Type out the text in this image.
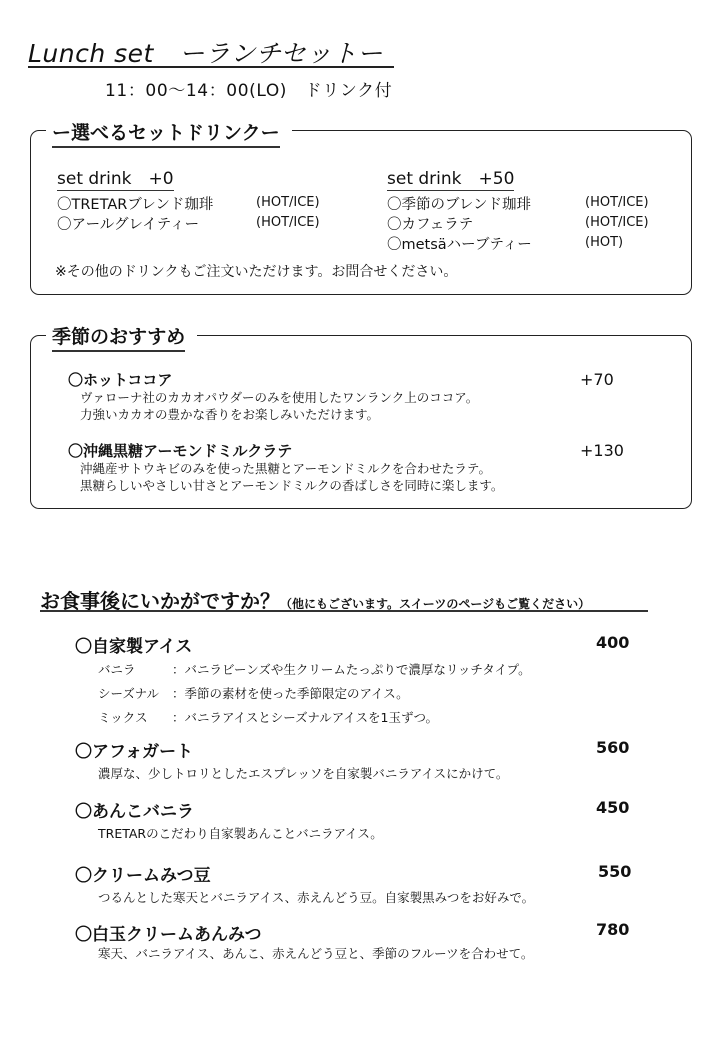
Lunch set　ーランチセットー
11：00～14：00(LO)　ドリンク付
ー選べるセットドリンクー
set drink　+0
〇TRETARブレンド珈琲	(HOT/ICE)
〇アールグレイティー	(HOT/ICE)
set drink　+50
〇季節のブレンド珈琲	(HOT/ICE)
〇カフェラテ	(HOT/ICE)
〇metsäハーブティー	(HOT)
※その他のドリンクもご注文いただけます。お問合せください。
季節のおすすめ
〇ホットココア	+70
ヴァローナ社のカカオパウダーのみを使用したワンランク上のココア。
力強いカカオの豊かな香りをお楽しみいただけます。
〇沖縄黒糖アーモンドミルクラテ	+130
沖縄産サトウキビのみを使った黒糖とアーモンドミルクを合わせたラテ。
黒糖らしいやさしい甘さとアーモンドミルクの香ばしさを同時に楽します。
お食事後にいかがですか？（他にもございます。スイーツのページもご覧ください）
〇自家製アイス	400
バニラ	：バニラビーンズや生クリームたっぷりで濃厚なリッチタイプ。
シーズナル ：季節の素材を使った季節限定のアイス。
ミックス ：バニラアイスとシーズナルアイスを1玉ずつ。
〇アフォガート	560
濃厚な、少しトロリとしたエスプレッソを自家製バニラアイスにかけて。
〇あんこバニラ	450
TRETARのこだわり自家製あんことバニラアイス。
〇クリームみつ豆	550
つるんとした寒天とバニラアイス、赤えんどう豆。自家製黒みつをお好みで。
〇白玉クリームあんみつ	780
寒天、バニラアイス、あんこ、赤えんどう豆と、季節のフルーツを合わせて。
